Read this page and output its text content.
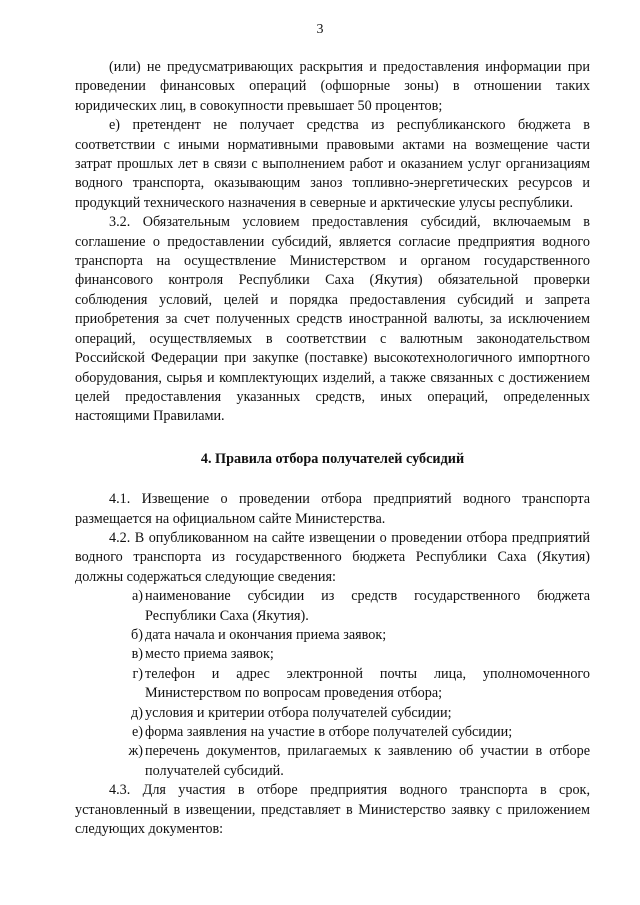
3

(или) не предусматривающих раскрытия и предоставления информации при проведении финансовых операций (офшорные зоны) в отношении таких юридических лиц, в совокупности превышает 50 процентов;

е) претендент не получает средства из республиканского бюджета в соответствии с иными нормативными правовыми актами на возмещение части затрат прошлых лет в связи с выполнением работ и оказанием услуг организациям водного транспорта, оказывающим заноз топливно-энергетических ресурсов и продукций технического назначения в северные и арктические улусы республики.

3.2. Обязательным условием предоставления субсидий, включаемым в соглашение о предоставлении субсидий, является согласие предприятия водного транспорта на осуществление Министерством и органом государственного финансового контроля Республики Саха (Якутия) обязательной проверки соблюдения условий, целей и порядка предоставления субсидий и запрета приобретения за счет полученных средств иностранной валюты, за исключением операций, осуществляемых в соответствии с валютным законодательством Российской Федерации при закупке (поставке) высокотехнологичного импортного оборудования, сырья и комплектующих изделий, а также связанных с достижением целей предоставления указанных средств, иных операций, определенных настоящими Правилами.

4. Правила отбора получателей субсидий

4.1. Извещение о проведении отбора предприятий водного транспорта размещается на официальном сайте Министерства.

4.2. В опубликованном на сайте извещении о проведении отбора предприятий водного транспорта из государственного бюджета Республики Саха (Якутия) должны содержаться следующие сведения:

а) наименование субсидии из средств государственного бюджета Республики Саха (Якутия).
б) дата начала и окончания приема заявок;
в) место приема заявок;
г) телефон и адрес электронной почты лица, уполномоченного Министерством по вопросам проведения отбора;
д) условия и критерии отбора получателей субсидии;
е) форма заявления на участие в отборе получателей субсидии;
ж) перечень документов, прилагаемых к заявлению об участии в отборе получателей субсидий.

4.3. Для участия в отборе предприятия водного транспорта в срок, установленный в извещении, представляет в Министерство заявку с приложением следующих документов:
